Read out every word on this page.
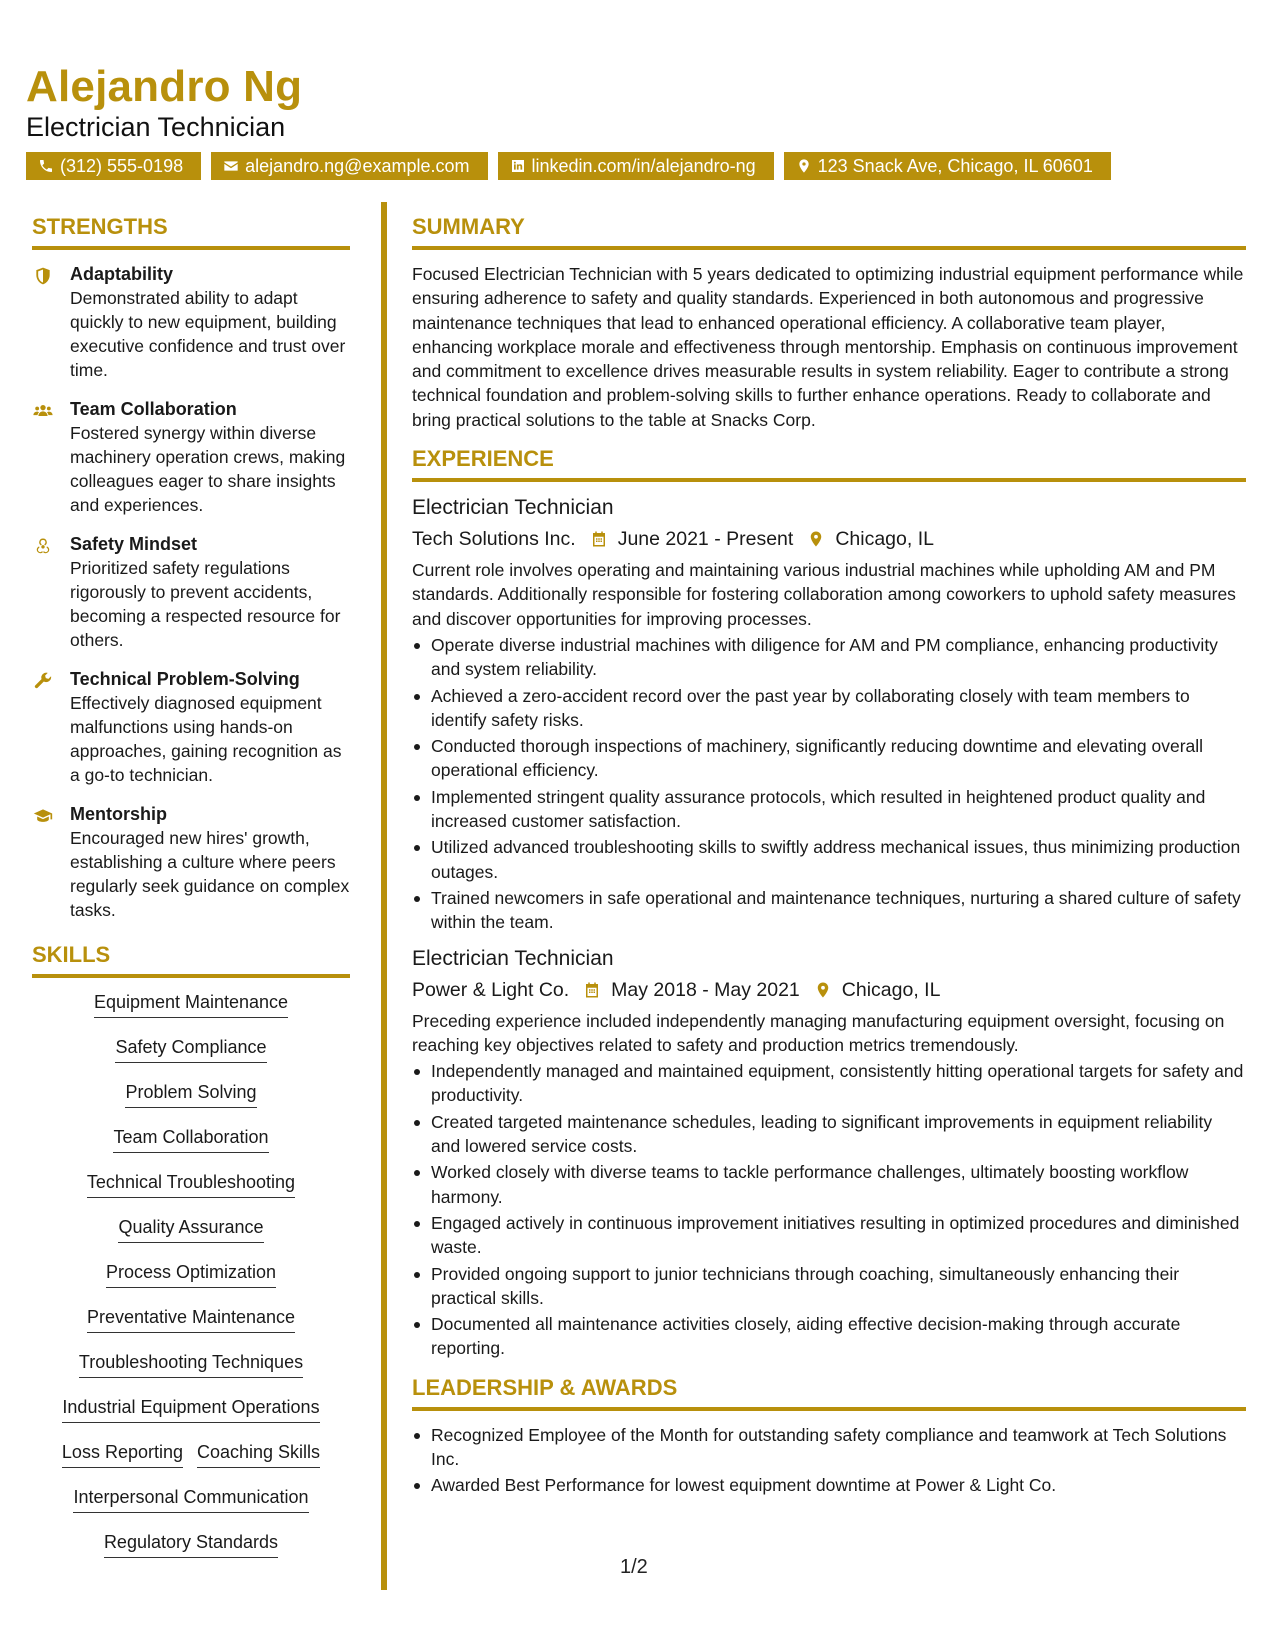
Alejandro Ng
Electrician Technician
(312) 555-0198	alejandro.ng@example.com	linkedin.com/in/alejandro-ng	123 Snack Ave, Chicago, IL 60601
STRENGTHS
Adaptability
Demonstrated ability to adapt quickly to new equipment, building executive confidence and trust over time.
Team Collaboration
Fostered synergy within diverse machinery operation crews, making colleagues eager to share insights and experiences.
Safety Mindset
Prioritized safety regulations rigorously to prevent accidents, becoming a respected resource for others.
Technical Problem-Solving
Effectively diagnosed equipment malfunctions using hands-on approaches, gaining recognition as a go-to technician.
Mentorship
Encouraged new hires' growth, establishing a culture where peers regularly seek guidance on complex tasks.
SKILLS
Equipment Maintenance
Safety Compliance
Problem Solving
Team Collaboration
Technical Troubleshooting
Quality Assurance
Process Optimization
Preventative Maintenance
Troubleshooting Techniques
Industrial Equipment Operations
Loss Reporting Coaching Skills
Interpersonal Communication
Regulatory Standards
SUMMARY
Focused Electrician Technician with 5 years dedicated to optimizing industrial equipment performance while ensuring adherence to safety and quality standards. Experienced in both autonomous and progressive maintenance techniques that lead to enhanced operational efficiency. A collaborative team player, enhancing workplace morale and effectiveness through mentorship. Emphasis on continuous improvement and commitment to excellence drives measurable results in system reliability. Eager to contribute a strong technical foundation and problem-solving skills to further enhance operations. Ready to collaborate and bring practical solutions to the table at Snacks Corp.
EXPERIENCE
Electrician Technician
Tech Solutions Inc. June 2021 - Present Chicago, IL
Current role involves operating and maintaining various industrial machines while upholding AM and PM standards. Additionally responsible for fostering collaboration among coworkers to uphold safety measures and discover opportunities for improving processes.
Operate diverse industrial machines with diligence for AM and PM compliance, enhancing productivity and system reliability.
Achieved a zero-accident record over the past year by collaborating closely with team members to identify safety risks.
Conducted thorough inspections of machinery, significantly reducing downtime and elevating overall operational efficiency.
Implemented stringent quality assurance protocols, which resulted in heightened product quality and increased customer satisfaction.
Utilized advanced troubleshooting skills to swiftly address mechanical issues, thus minimizing production outages.
Trained newcomers in safe operational and maintenance techniques, nurturing a shared culture of safety within the team.
Electrician Technician
Power & Light Co. May 2018 - May 2021 Chicago, IL
Preceding experience included independently managing manufacturing equipment oversight, focusing on reaching key objectives related to safety and production metrics tremendously.
Independently managed and maintained equipment, consistently hitting operational targets for safety and productivity.
Created targeted maintenance schedules, leading to significant improvements in equipment reliability and lowered service costs.
Worked closely with diverse teams to tackle performance challenges, ultimately boosting workflow harmony.
Engaged actively in continuous improvement initiatives resulting in optimized procedures and diminished waste.
Provided ongoing support to junior technicians through coaching, simultaneously enhancing their practical skills.
Documented all maintenance activities closely, aiding effective decision-making through accurate reporting.
LEADERSHIP & AWARDS
Recognized Employee of the Month for outstanding safety compliance and teamwork at Tech Solutions Inc.
Awarded Best Performance for lowest equipment downtime at Power & Light Co.
1/2
